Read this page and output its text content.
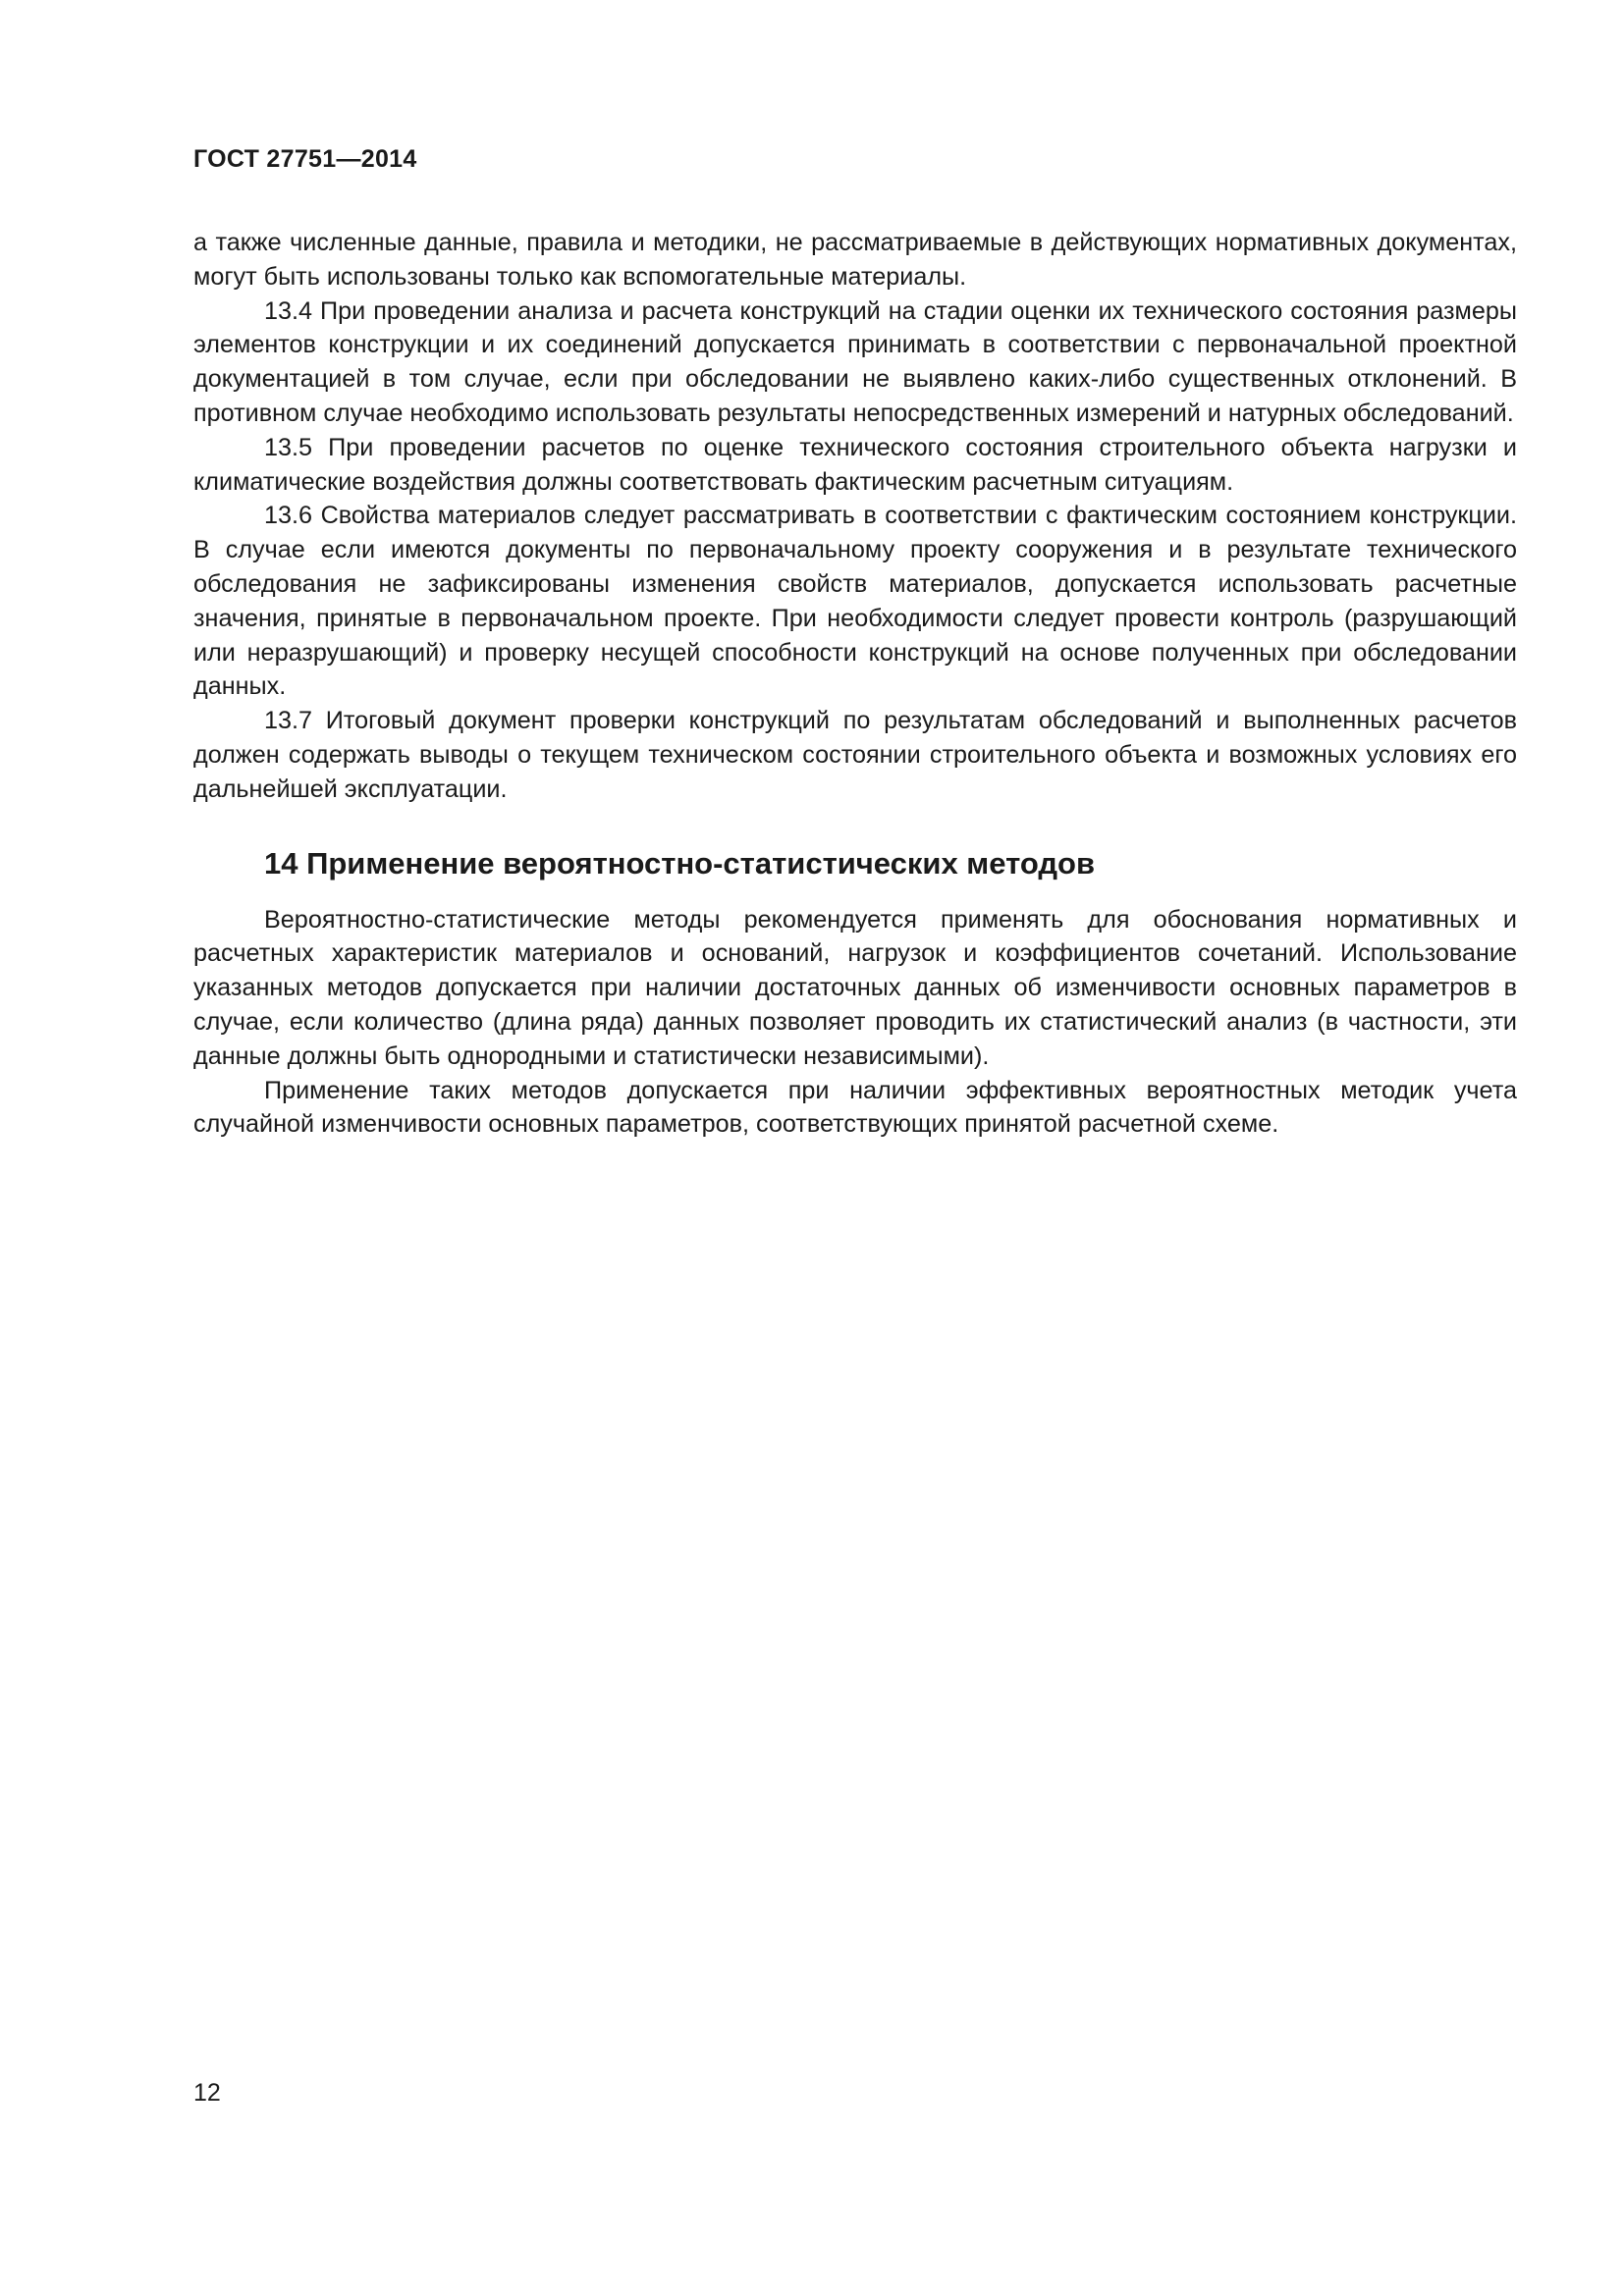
ГОСТ 27751—2014

а также численные данные, правила и методики, не рассматриваемые в действующих нормативных документах, могут быть использованы только как вспомогательные материалы.

13.4 При проведении анализа и расчета конструкций на стадии оценки их технического состояния размеры элементов конструкции и их соединений допускается принимать в соответствии с первоначальной проектной документацией в том случае, если при обследовании не выявлено каких-либо существенных отклонений. В противном случае необходимо использовать результаты непосредственных измерений и натурных обследований.

13.5 При проведении расчетов по оценке технического состояния строительного объекта нагрузки и климатические воздействия должны соответствовать фактическим расчетным ситуациям.

13.6 Свойства материалов следует рассматривать в соответствии с фактическим состоянием конструкции. В случае если имеются документы по первоначальному проекту сооружения и в результате технического обследования не зафиксированы изменения свойств материалов, допускается использовать расчетные значения, принятые в первоначальном проекте. При необходимости следует провести контроль (разрушающий или неразрушающий) и проверку несущей способности конструкций на основе полученных при обследовании данных.

13.7 Итоговый документ проверки конструкций по результатам обследований и выполненных расчетов должен содержать выводы о текущем техническом состоянии строительного объекта и возможных условиях его дальнейшей эксплуатации.

14 Применение вероятностно-статистических методов

Вероятностно-статистические методы рекомендуется применять для обоснования нормативных и расчетных характеристик материалов и оснований, нагрузок и коэффициентов сочетаний. Использование указанных методов допускается при наличии достаточных данных об изменчивости основных параметров в случае, если количество (длина ряда) данных позволяет проводить их статистический анализ (в частности, эти данные должны быть однородными и статистически независимыми).

Применение таких методов допускается при наличии эффективных вероятностных методик учета случайной изменчивости основных параметров, соответствующих принятой расчетной схеме.

12
